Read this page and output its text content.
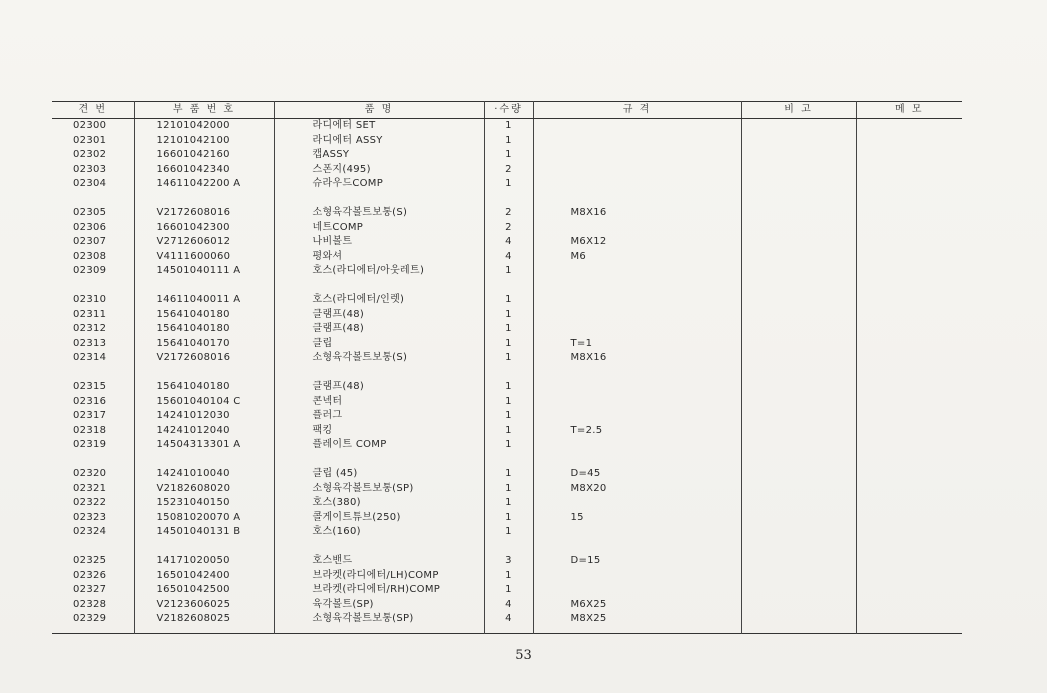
견 번	부 품 번 호	품 명	·수량	규 격	비 고	메 모
02300	12101042000	라디에터 SET	1			
02301	12101042100	라디에터 ASSY	1			
02302	16601042160	캡ASSY	1			
02303	16601042340	스폰지(495)	2			
02304	14611042200 A	슈라우드COMP	1			

02305	V2172608016	소형육각볼트보통(S)	2	M8X16		
02306	16601042300	네트COMP	2			
02307	V2712606012	나비볼트	4	M6X12		
02308	V4111600060	평와셔	4	M6		
02309	14501040111 A	호스(라디에터/아웃레트)	1			

02310	14611040011 A	호스(라디에터/인렛)	1			
02311	15641040180	클램프(48)	1			
02312	15641040180	클램프(48)	1			
02313	15641040170	클립	1	T=1		
02314	V2172608016	소형육각볼트보통(S)	1	M8X16		

02315	15641040180	클램프(48)	1			
02316	15601040104 C	콘넥터	1			
02317	14241012030	플러그	1			
02318	14241012040	팩킹	1	T=2.5		
02319	14504313301 A	플레이트 COMP	1			

02320	14241010040	클립 (45)	1	D=45		
02321	V2182608020	소형육각볼트보통(SP)	1	M8X20		
02322	15231040150	호스(380)	1			
02323	15081020070 A	콜게이트튜브(250)	1	15		
02324	14501040131 B	호스(160)	1			

02325	14171020050	호스밴드	3	D=15		
02326	16501042400	브라켓(라디에터/LH)COMP	1			
02327	16501042500	브라켓(라디에터/RH)COMP	1			
02328	V2123606025	육각볼트(SP)	4	M6X25		
02329	V2182608025	소형육각볼트보통(SP)	4	M8X25		
53
